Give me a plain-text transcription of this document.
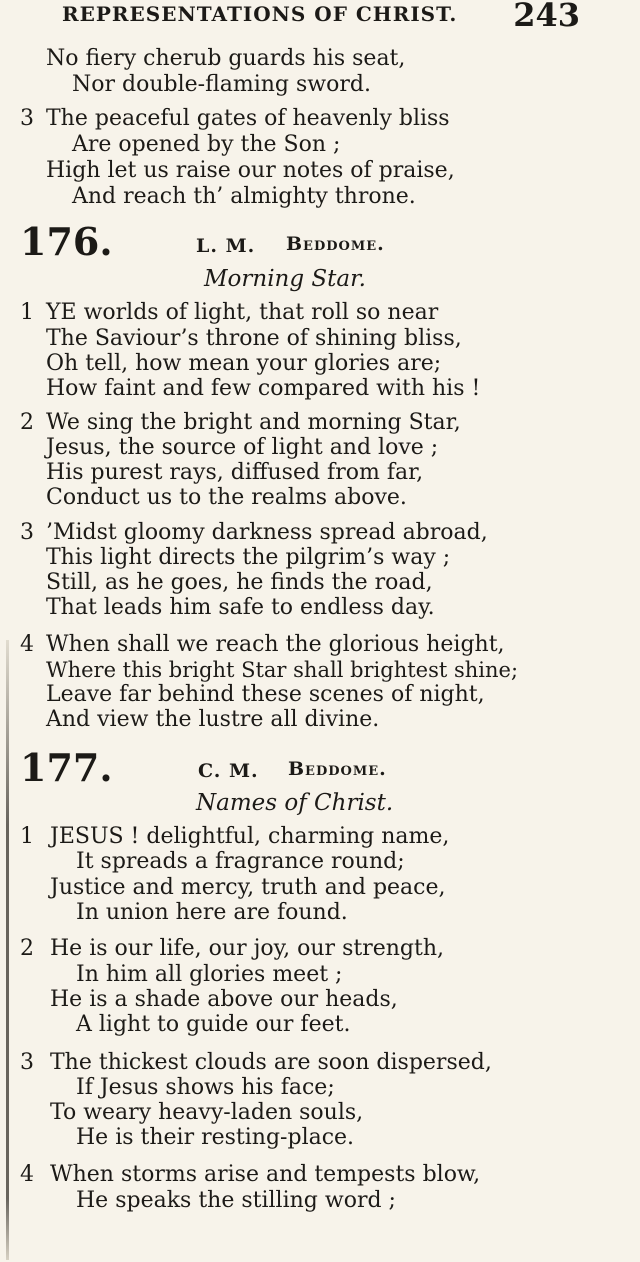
REPRESENTATIONS OF CHRIST.	243
No fiery cherub guards his seat,
Nor double-flaming sword.
3 The peaceful gates of heavenly bliss
Are opened by the Son ;
High let us raise our notes of praise,
And reach th’ almighty throne.
176.	L. M. Beddome.
Morning Star.
1 YE worlds of light, that roll so near
The Saviour’s throne of shining bliss,
Oh tell, how mean your glories are;
How faint and few compared with his !
2 We sing the bright and morning Star,
Jesus, the source of light and love ;
His purest rays, diffused from far,
Conduct us to the realms above.
3 ’Midst gloomy darkness spread abroad,
This light directs the pilgrim’s way ;
Still, as he goes, he finds the road,
That leads him safe to endless day.
4 When shall we reach the glorious height,
Where this bright Star shall brightest shine;
Leave far behind these scenes of night,
And view the lustre all divine.
177.	C. M. Beddome.
Names of Christ.
1 JESUS ! delightful, charming name,
It spreads a fragrance round;
Justice and mercy, truth and peace,
In union here are found.
2 He is our life, our joy, our strength,
In him all glories meet ;
He is a shade above our heads,
A light to guide our feet.
3 The thickest clouds are soon dispersed,
If Jesus shows his face;
To weary heavy-laden souls,
He is their resting-place.
4 When storms arise and tempests blow,
He speaks the stilling word ;
